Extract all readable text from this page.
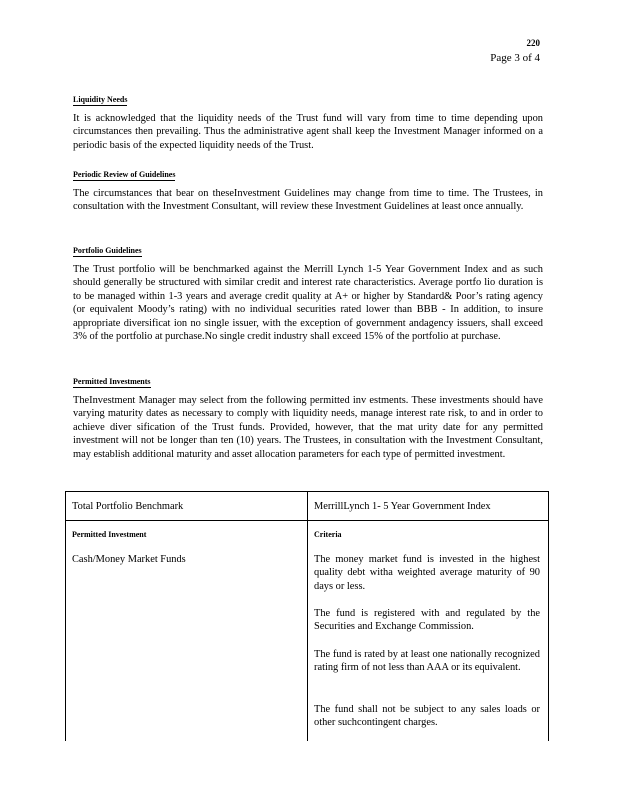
220
Page 3 of 4
Liquidity Needs
It is acknowledged that the liquidity needs of the Trust fund will vary from time to time depending upon circumstances then prevailing. Thus the administrative agent shall keep the Investment Manager informed on a periodic basis of the expected liquidity needs of the Trust.
Periodic Review of Guidelines
The circumstances that bear on theseInvestment Guidelines may change from time to time. The Trustees, in consultation with the Investment Consultant, will review these Investment Guidelines at least once annually.
Portfolio Guidelines
The Trust portfolio will be benchmarked against the Merrill Lynch 1-5 Year Government Index and as such should generally be structured with similar credit and interest rate characteristics. Average portfo lio duration is to be managed within 1-3 years and average credit quality at A+ or higher by Standard& Poor’s rating agency (or equivalent Moody’s rating) with no individual securities rated lower than BBB - In addition, to insure appropriate diversificat ion no single issuer, with the exception of government andagency issuers, shall exceed 3% of the portfolio at purchase.No single credit industry shall exceed 15% of the portfolio at purchase.
Permitted Investments
TheInvestment Manager may select from the following permitted inv estments. These investments should have varying maturity dates as necessary to comply with liquidity needs, manage interest rate risk, to and in order to achieve diver sification of the Trust funds. Provided, however, that the mat urity date for any permitted investment will not be longer than ten (10) years. The Trustees, in consultation with the Investment Consultant, may establish additional maturity and asset allocation parameters for each type of permitted investment.
Total Portfolio Benchmark	MerrillLynch 1- 5 Year Government Index
Permitted Investment	Criteria
Cash/Money Market Funds	The money market fund is invested in the highest quality debt witha weighted average maturity of 90 days or less.
The fund is registered with and regulated by the Securities and Exchange Commission.
The fund is rated by at least one nationally recognized rating firm of not less than AAA or its equivalent.
The fund shall not be subject to any sales loads or other suchcontingent charges.
